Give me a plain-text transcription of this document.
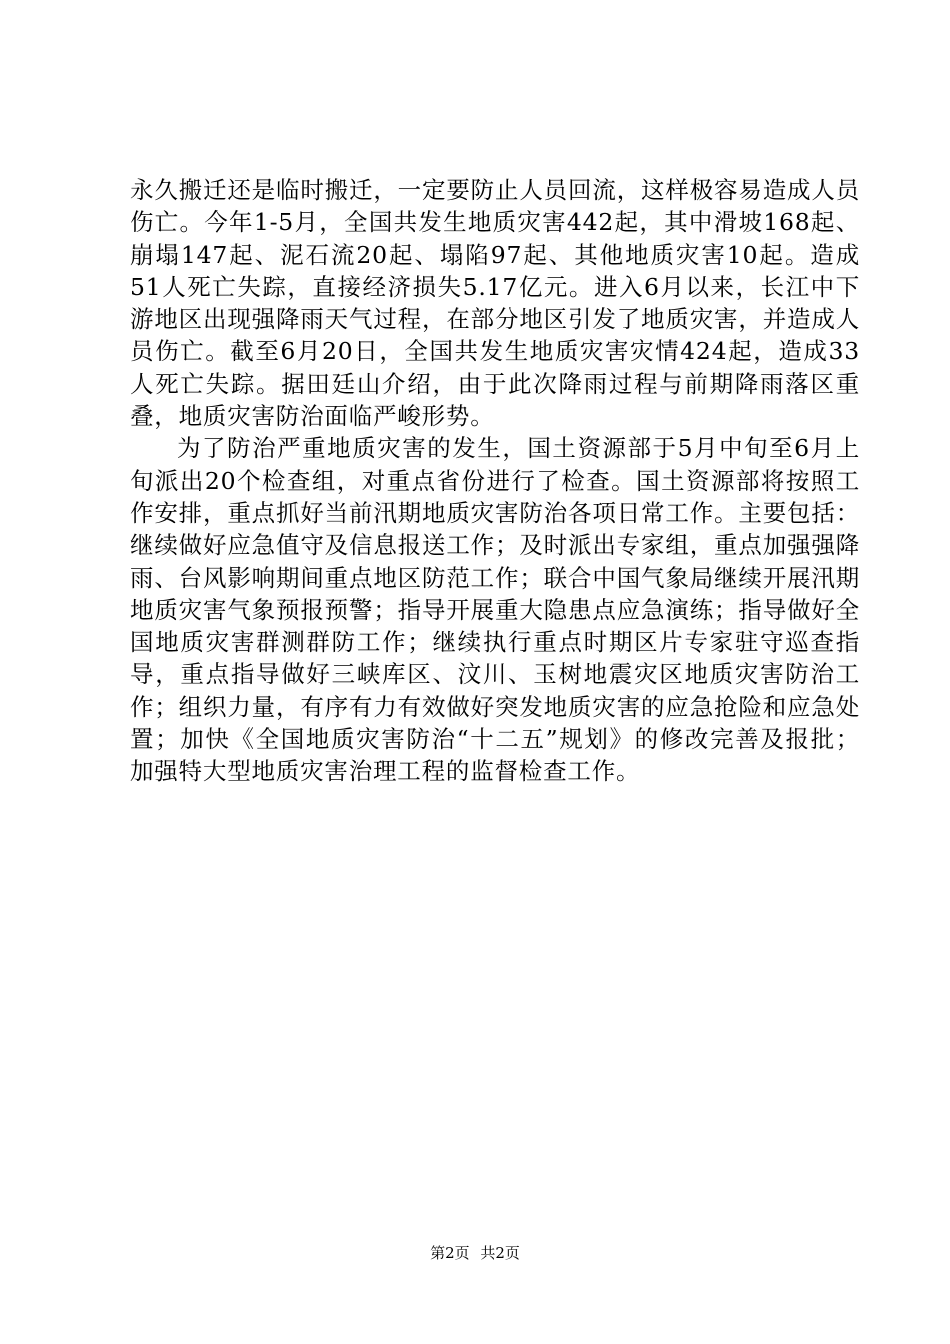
永久搬迁还是临时搬迁，一定要防止人员回流，这样极容易造成人员伤亡。今年1-5月，全国共发生地质灾害442起，其中滑坡168起、崩塌147起、泥石流20起、塌陷97起、其他地质灾害10起。造成51人死亡失踪，直接经济损失5.17亿元。进入6月以来，长江中下游地区出现强降雨天气过程，在部分地区引发了地质灾害，并造成人员伤亡。截至6月20日，全国共发生地质灾害灾情424起，造成33人死亡失踪。据田廷山介绍，由于此次降雨过程与前期降雨落区重叠，地质灾害防治面临严峻形势。

为了防治严重地质灾害的发生，国土资源部于5月中旬至6月上旬派出20个检查组，对重点省份进行了检查。国土资源部将按照工作安排，重点抓好当前汛期地质灾害防治各项日常工作。主要包括：继续做好应急值守及信息报送工作；及时派出专家组，重点加强强降雨、台风影响期间重点地区防范工作；联合中国气象局继续开展汛期地质灾害气象预报预警；指导开展重大隐患点应急演练；指导做好全国地质灾害群测群防工作；继续执行重点时期区片专家驻守巡查指导，重点指导做好三峡库区、汶川、玉树地震灾区地质灾害防治工作；组织力量，有序有力有效做好突发地质灾害的应急抢险和应急处置；加快《全国地质灾害防治“十二五”规划》的修改完善及报批；加强特大型地质灾害治理工程的监督检查工作。

第2页 共2页
